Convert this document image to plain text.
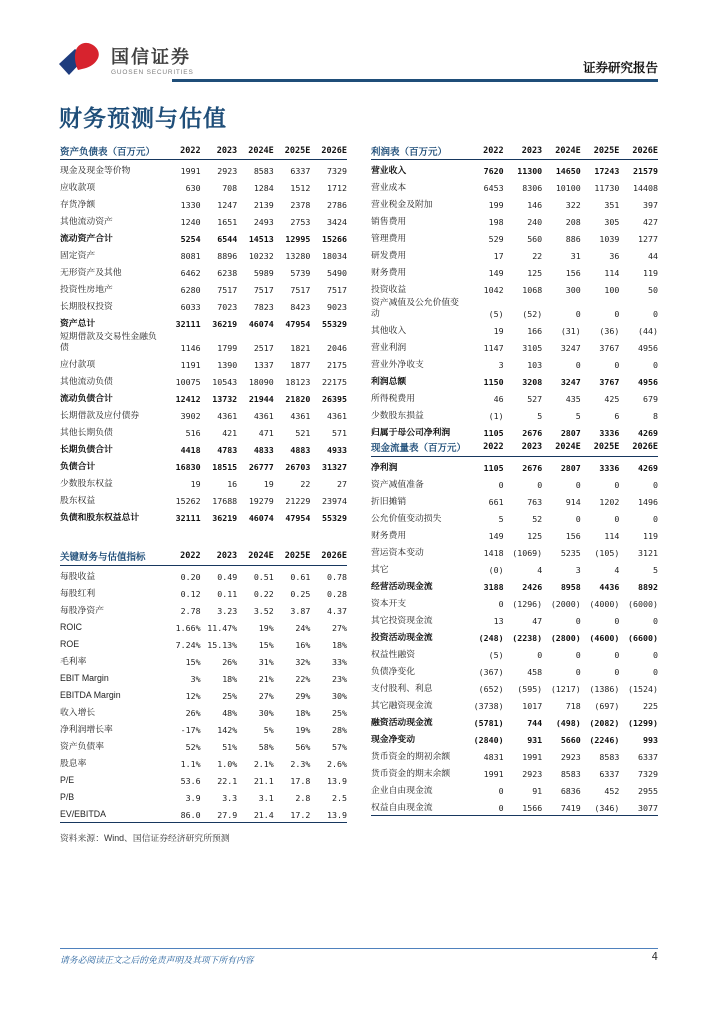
国信证券
GUOSEN SECURITIES	证券研究报告
财务预测与估值
资产负债表（百万元）	2022	2023	2024E	2025E	2026E
现金及现金等价物	1991	2923	8583	6337	7329
应收款项	630	708	1284	1512	1712
存货净额	1330	1247	2139	2378	2786
其他流动资产	1240	1651	2493	2753	3424
流动资产合计	5254	6544	14513	12995	15266
固定资产	8081	8896	10232	13280	18034
无形资产及其他	6462	6238	5989	5739	5490
投资性房地产	6280	7517	7517	7517	7517
长期股权投资	6033	7023	7823	8423	9023
资产总计	32111	36219	46074	47954	55329
短期借款及交易性金融负债	1146	1799	2517	1821	2046
应付款项	1191	1390	1337	1877	2175
其他流动负债	10075	10543	18090	18123	22175
流动负债合计	12412	13732	21944	21820	26395
长期借款及应付债券	3902	4361	4361	4361	4361
其他长期负债	516	421	471	521	571
长期负债合计	4418	4783	4833	4883	4933
负债合计	16830	18515	26777	26703	31327
少数股东权益	19	16	19	22	27
股东权益	15262	17688	19279	21229	23974
负债和股东权益总计	32111	36219	46074	47954	55329
关键财务与估值指标	2022	2023	2024E	2025E	2026E
每股收益	0.20	0.49	0.51	0.61	0.78
每股红利	0.12	0.11	0.22	0.25	0.28
每股净资产	2.78	3.23	3.52	3.87	4.37
ROIC	1.66% 11.47%	19%	24%	27%
ROE	7.24% 15.13%	15%	16%	18%
毛利率	15%	26%	31%	32%	33%
EBIT Margin	3%	18%	21%	22%	23%
EBITDA Margin	12%	25%	27%	29%	30%
收入增长	26%	48%	30%	18%	25%
净利润增长率	-17%	142%	5%	19%	28%
资产负债率	52%	51%	58%	56%	57%
股息率	1.1%	1.0%	2.1%	2.3%	2.6%
P/E	53.6	22.1	21.1	17.8	13.9
P/B	3.9	3.3	3.1	2.8	2.5
EV/EBITDA	86.0	27.9	21.4	17.2	13.9
资料来源：Wind、国信证券经济研究所预测
利润表（百万元）	2022	2023	2024E	2025E	2026E
营业收入	7620	11300	14650	17243	21579
营业成本	6453	8306	10100	11730	14408
营业税金及附加	199	146	322	351	397
销售费用	198	240	208	305	427
管理费用	529	560	886	1039	1277
研发费用	17	22	31	36	44
财务费用	149	125	156	114	119
投资收益	1042	1068	300	100	50
资产减值及公允价值变动	(5)	(52)	0	0	0
其他收入	19	166	(31)	(36)	(44)
营业利润	1147	3105	3247	3767	4956
营业外净收支	3	103	0	0	0
利润总额	1150	3208	3247	3767	4956
所得税费用	46	527	435	425	679
少数股东损益	(1)	5	5	6	8
归属于母公司净利润	1105	2676	2807	3336	4269
现金流量表（百万元）	2022	2023	2024E	2025E	2026E
净利润	1105	2676	2807	3336	4269
资产减值准备	0	0	0	0	0
折旧摊销	661	763	914	1202	1496
公允价值变动损失	5	52	0	0	0
财务费用	149	125	156	114	119
营运资本变动	1418	(1069)	5235	(105)	3121
其它	(0)	4	3	4	5
经营活动现金流	3188	2426	8958	4436	8892
资本开支	0	(1296)	(2000)	(4000)	(6000)
其它投资现金流	13	47	0	0	0
投资活动现金流	(248)	(2238)	(2800)	(4600)	(6600)
权益性融资	(5)	0	0	0	0
负债净变化	(367)	458	0	0	0
支付股利、利息	(652)	(595)	(1217)	(1386)	(1524)
其它融资现金流	(3738)	1017	718	(697)	225
融资活动现金流	(5781)	744	(498)	(2082)	(1299)
现金净变动	(2840)	931	5660	(2246)	993
货币资金的期初余额	4831	1991	2923	8583	6337
货币资金的期末余额	1991	2923	8583	6337	7329
企业自由现金流	0	91	6836	452	2955
权益自由现金流	0	1566	7419	(346)	3077
请务必阅读正文之后的免责声明及其项下所有内容	4
